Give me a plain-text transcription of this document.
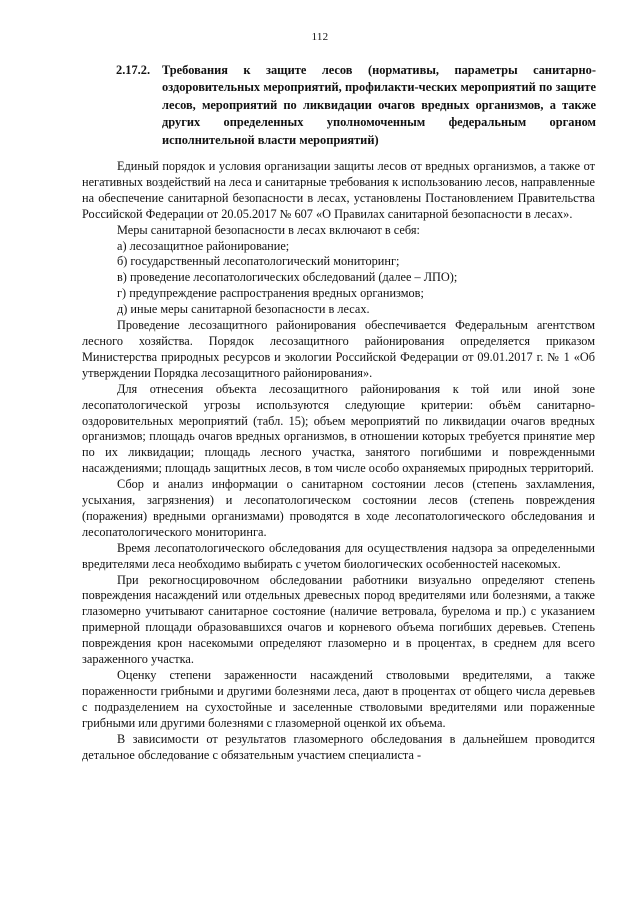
112
2.17.2. Требования к защите лесов (нормативы, параметры санитарно-оздоровительных мероприятий, профилакти-ческих мероприятий по защите лесов, мероприятий по ликвидации очагов вредных организмов, а также других определенных уполномоченным федеральным органом исполнительной власти мероприятий)

Единый порядок и условия организации защиты лесов от вредных организмов, а также от негативных воздействий на леса и санитарные требования к использованию лесов, направленные на обеспечение санитарной безопасности в лесах, установлены Постановлением Правительства Российской Федерации от 20.05.2017 № 607 «О Правилах санитарной безопасности в лесах».

Меры санитарной безопасности в лесах включают в себя:

а) лесозащитное районирование;

б) государственный лесопатологический мониторинг;

в) проведение лесопатологических обследований (далее – ЛПО);

г) предупреждение распространения вредных организмов;

д) иные меры санитарной безопасности в лесах.

Проведение лесозащитного районирования обеспечивается Федеральным агентством лесного хозяйства. Порядок лесозащитного районирования определяется приказом Министерства природных ресурсов и экологии Российской Федерации от 09.01.2017 г. № 1 «Об утверждении Порядка лесозащитного районирования».

Для отнесения объекта лесозащитного районирования к той или иной зоне лесопатологической угрозы используются следующие критерии: объём санитарно-оздоровительных мероприятий (табл. 15); объем мероприятий по ликвидации очагов вредных организмов; площадь очагов вредных организмов, в отношении которых требуется принятие мер по их ликвидации; площадь лесного участка, занятого погибшими и поврежденными насаждениями; площадь защитных лесов, в том числе особо охраняемых природных территорий.

Сбор и анализ информации о санитарном состоянии лесов (степень захламления, усыхания, загрязнения) и лесопатологическом состоянии лесов (степень повреждения (поражения) вредными организмами) проводятся в ходе лесопатологического обследования и лесопатологического мониторинга.

Время лесопатологического обследования для осуществления надзора за определенными вредителями леса необходимо выбирать с учетом биологических особенностей насекомых.

При рекогносцировочном обследовании работники визуально определяют степень повреждения насаждений или отдельных древесных пород вредителями или болезнями, а также глазомерно учитывают санитарное состояние (наличие ветровала, бурелома и пр.) с указанием примерной площади образовавшихся очагов и корневого объема погибших деревьев. Степень повреждения крон насекомыми определяют глазомерно и в процентах, в среднем для всего зараженного участка.

Оценку степени зараженности насаждений стволовыми вредителями, а также пораженности грибными и другими болезнями леса, дают в процентах от общего числа деревьев с подразделением на сухостойные и заселенные стволовыми вредителями или пораженные грибными или другими болезнями с глазомерной оценкой их объема.

В зависимости от результатов глазомерного обследования в дальнейшем проводится детальное обследование с обязательным участием специалиста -
